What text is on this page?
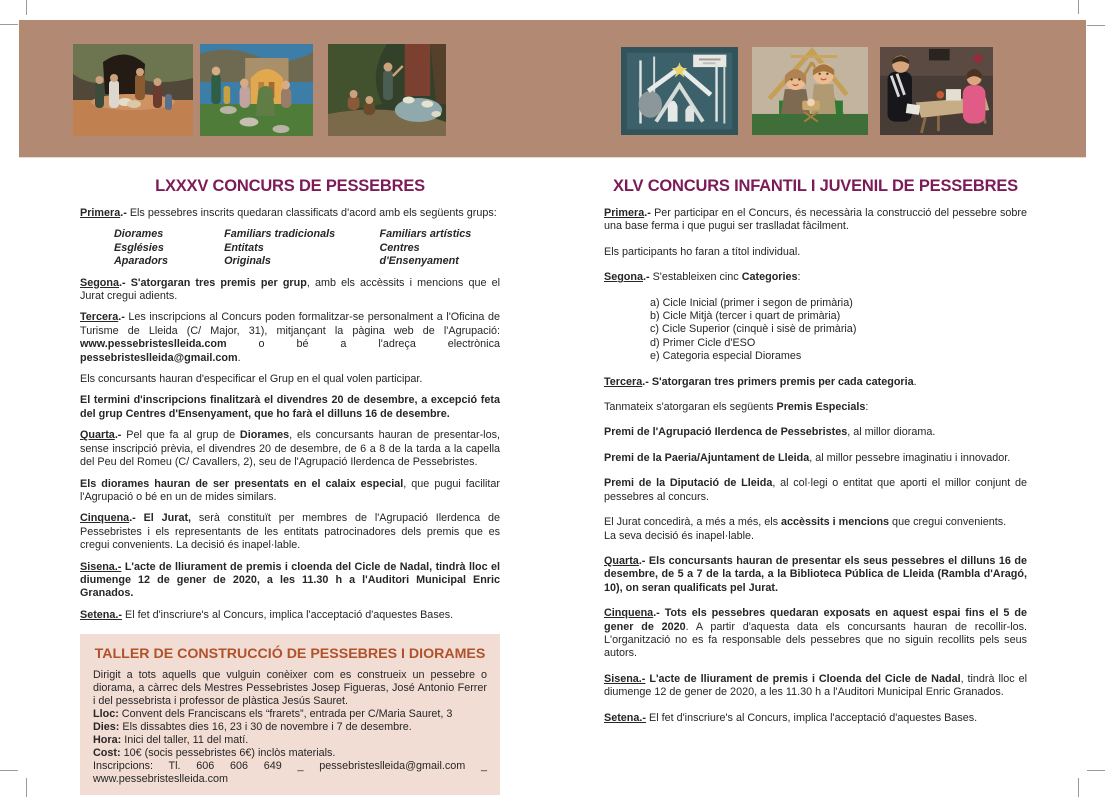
LXXXV CONCURS DE PESSEBRES
Primera.- Els pessebres inscrits quedaran classificats d'acord amb els següents grups:
Diorames
Esglésies
Aparadors
Familiars tradicionals
Entitats
Originals
Familiars artístics
Centres d'Ensenyament
Segona.- S'atorgaran tres premis per grup, amb els accèssits i mencions que el Jurat cregui adients.
Tercera.- Les inscripcions al Concurs poden formalitzar-se personalment a l'Oficina de Turisme de Lleida (C/ Major, 31), mitjançant la pàgina web de l'Agrupació: www.pessebristeslleida.com o bé a l'adreça electrònica pessebristeslleida@gmail.com.
Els concursants hauran d'especificar el Grup en el qual volen participar.
El termini d'inscripcions finalitzarà el divendres 20 de desembre, a excepció feta del grup Centres d'Ensenyament, que ho farà el dilluns 16 de desembre.
Quarta.- Pel que fa al grup de Diorames, els concursants hauran de presentar-los, sense inscripció prèvia, el divendres 20 de desembre, de 6 a 8 de la tarda a la capella del Peu del Romeu (C/ Cavallers, 2), seu de l'Agrupació Ilerdenca de Pessebristes.
Els diorames hauran de ser presentats en el calaix especial, que pugui facilitar l'Agrupació o bé en un de mides similars.
Cinquena.- El Jurat, serà constituït per membres de l'Agrupació Ilerdenca de Pessebristes i els representants de les entitats patrocinadores dels premis que es cregui convenients. La decisió és inapel·lable.
Sisena.- L'acte de lliurament de premis i cloenda del Cicle de Nadal, tindrà lloc el diumenge 12 de gener de 2020, a les 11.30 h a l'Auditori Municipal Enric Granados.
Setena.- El fet d'inscriure's al Concurs, implica l'acceptació d'aquestes Bases.
TALLER DE CONSTRUCCIÓ DE PESSEBRES I DIORAMES
Dirigit a tots aquells que vulguin conèixer com es construeix un pessebre o diorama, a càrrec dels Mestres Pessebristes Josep Figueras, José Antonio Ferrer i del pessebrista i professor de plàstica Jesús Sauret.
Lloc: Convent dels Franciscans els “frarets”, entrada per C/Maria Sauret, 3
Dies: Els dissabtes dies 16, 23 i 30 de novembre i 7 de desembre.
Hora: Inici del taller, 11 del matí.
Cost: 10€ (socis pessebristes 6€) inclòs materials.
Inscripcions: Tl. 606 606 649 _ pessebristeslleida@gmail.com _ www.pessebristeslleida.com
XLV CONCURS INFANTIL I JUVENIL DE PESSEBRES
Primera.- Per participar en el Concurs, és necessària la construcció del pessebre sobre una base ferma i que pugui ser traslladat fàcilment.
Els participants ho faran a títol individual.
Segona.- S'estableixen cinc Categories:
a) Cicle Inicial (primer i segon de primària)
b) Cicle Mitjà (tercer i quart de primària)
c) Cicle Superior (cinquè i sisè de primària)
d) Primer Cicle d'ESO
e) Categoria especial Diorames
Tercera.- S'atorgaran tres primers premis per cada categoria.
Tanmateix s'atorgaran els següents Premis Especials:
Premi de l'Agrupació Ilerdenca de Pessebristes, al millor diorama.
Premi de la Paeria/Ajuntament de Lleida, al millor pessebre imaginatiu i innovador.
Premi de la Diputació de Lleida, al col·legi o entitat que aporti el millor conjunt de pessebres al concurs.
El Jurat concedirà, a més a més, els accèssits i mencions que cregui convenients.
La seva decisió és inapel·lable.
Quarta.- Els concursants hauran de presentar els seus pessebres el dilluns 16 de desembre, de 5 a 7 de la tarda, a la Biblioteca Pública de Lleida (Rambla d'Aragó, 10), on seran qualificats pel Jurat.
Cinquena.- Tots els pessebres quedaran exposats en aquest espai fins el 5 de gener de 2020. A partir d'aquesta data els concursants hauran de recollir-los. L'organització no es fa responsable dels pessebres que no siguin recollits pels seus autors.
Sisena.- L'acte de lliurament de premis i Cloenda del Cicle de Nadal, tindrà lloc el diumenge 12 de gener de 2020, a les 11.30 h a l'Auditori Municipal Enric Granados.
Setena.- El fet d'inscriure's al Concurs, implica l'acceptació d'aquestes Bases.
